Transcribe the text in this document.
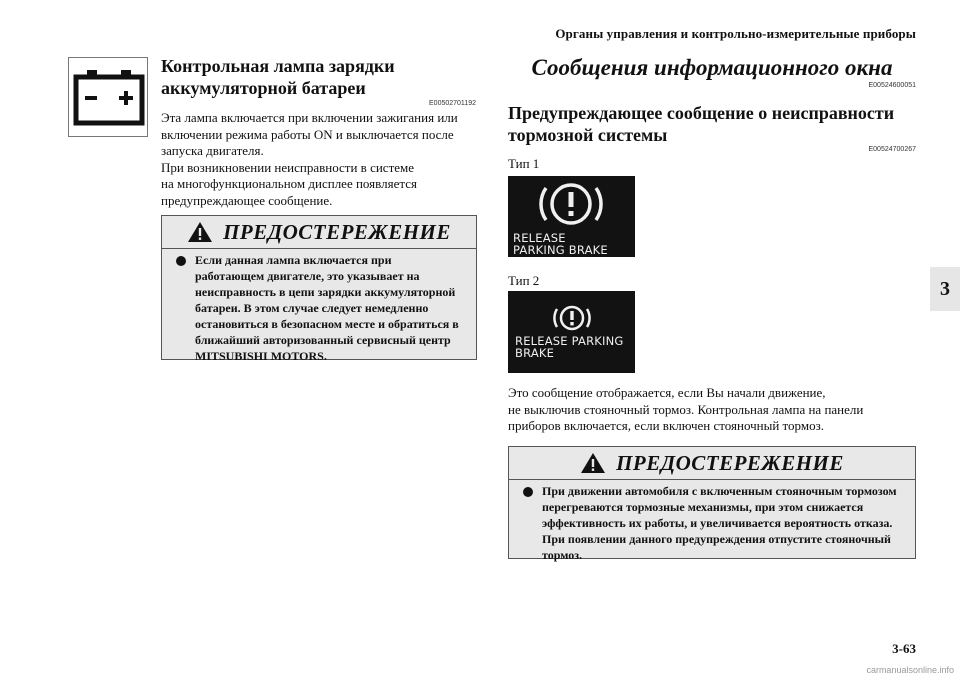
Органы управления и контрольно-измерительные приборы
3
Контрольная лампа зарядки
аккумуляторной батареи
E00502701192
Эта лампа включается при включении зажигания или
включении режима работы ON и выключается после
запуска двигателя.
При возникновении неисправности в системе
на многофункциональном дисплее появляется
предупреждающее сообщение.
ПРЕДОСТЕРЕЖЕНИЕ
Если данная лампа включается при
работающем двигателе, это указывает на
неисправность в цепи зарядки аккумуляторной
батареи. В этом случае следует немедленно
остановиться в безопасном месте и обратиться в
ближайший авторизованный сервисный центр
MITSUBISHI MOTORS.
Сообщения информационного окна
E00524600051
Предупреждающее сообщение о неисправности
тормозной системы
E00524700267
Тип 1
RELEASE
PARKING BRAKE
Тип 2
RELEASE PARKING
BRAKE
Это сообщение отображается, если Вы начали движение,
не выключив стояночный тормоз. Контрольная лампа на панели
приборов включается, если включен стояночный тормоз.
ПРЕДОСТЕРЕЖЕНИЕ
При движении автомобиля с включенным стояночным тормозом
перегреваются тормозные механизмы, при этом снижается
эффективность их работы, и увеличивается вероятность отказа.
При появлении данного предупреждения отпустите стояночный
тормоз.
3-63
carmanualsonline.info
